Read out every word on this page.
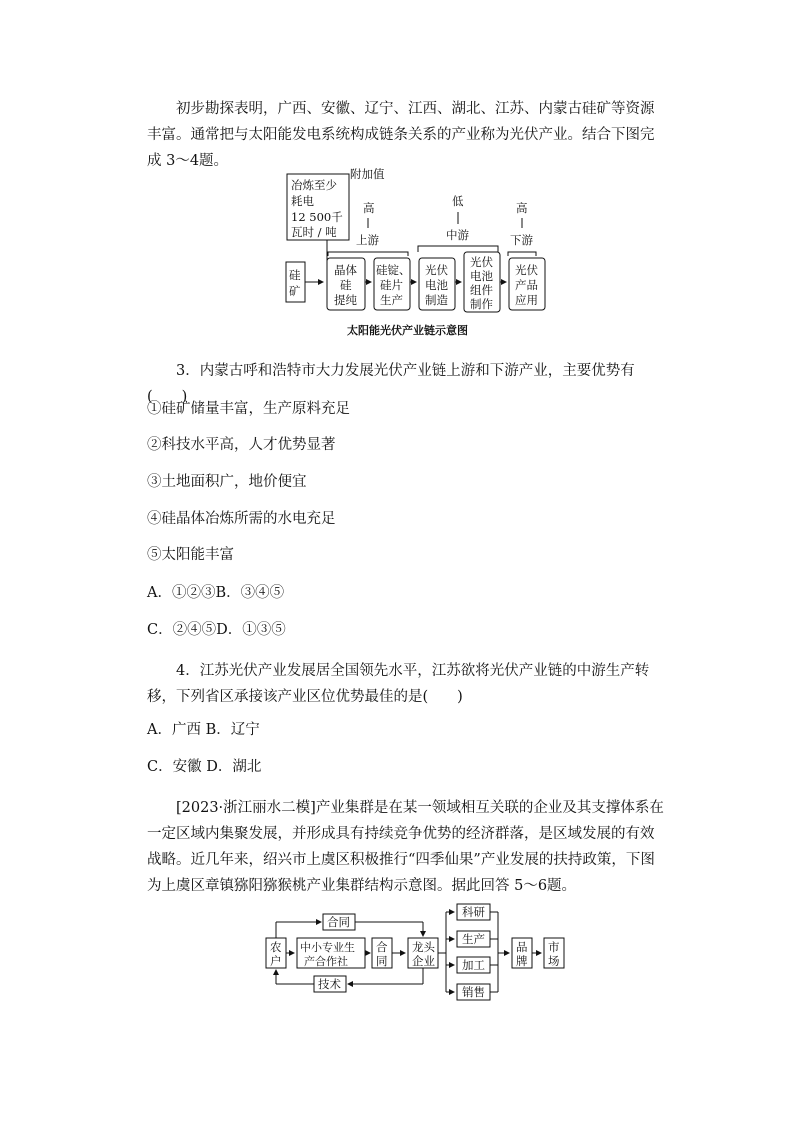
初步勘探表明，广西、安徽、辽宁、江西、湖北、江苏、内蒙古硅矿等资源丰富。通常把与太阳能发电系统构成链条关系的产业称为光伏产业。结合下图完成 3～4题。

冶炼至少
耗电
12 500千
瓦时 / 吨
附加值
高
上游
低
中游
高
下游
硅
矿
晶体
硅
提纯
硅锭、
硅片
生产
光伏
电池
制造
光伏
电池
组件
制作
光伏
产品
应用
太阳能光伏产业链示意图
3．内蒙古呼和浩特市大力发展光伏产业链上游和下游产业，主要优势有(　　)
①硅矿储量丰富，生产原料充足
②科技水平高，人才优势显著
③土地面积广，地价便宜
④硅晶体冶炼所需的水电充足
⑤太阳能丰富
A．①②③B．③④⑤
C．②④⑤D．①③⑤
4．江苏光伏产业发展居全国领先水平，江苏欲将光伏产业链的中游生产转移，下列省区承接该产业区位优势最佳的是(　　)
A．广西 B．辽宁
C．安徽 D．湖北

[2023·浙江丽水二模]产业集群是在某一领域相互关联的企业及其支撑体系在一定区域内集聚发展，并形成具有持续竞争优势的经济群落，是区域发展的有效战略。近几年来，绍兴市上虞区积极推行“四季仙果”产业发展的扶持政策，下图为上虞区章镇猕阳猕猴桃产业集群结构示意图。据此回答 5～6题。

农
户
中小专业生
产合作社
合
同
龙头
企业
合同
技术
科研
生产
加工
销售
品
牌
市
场
